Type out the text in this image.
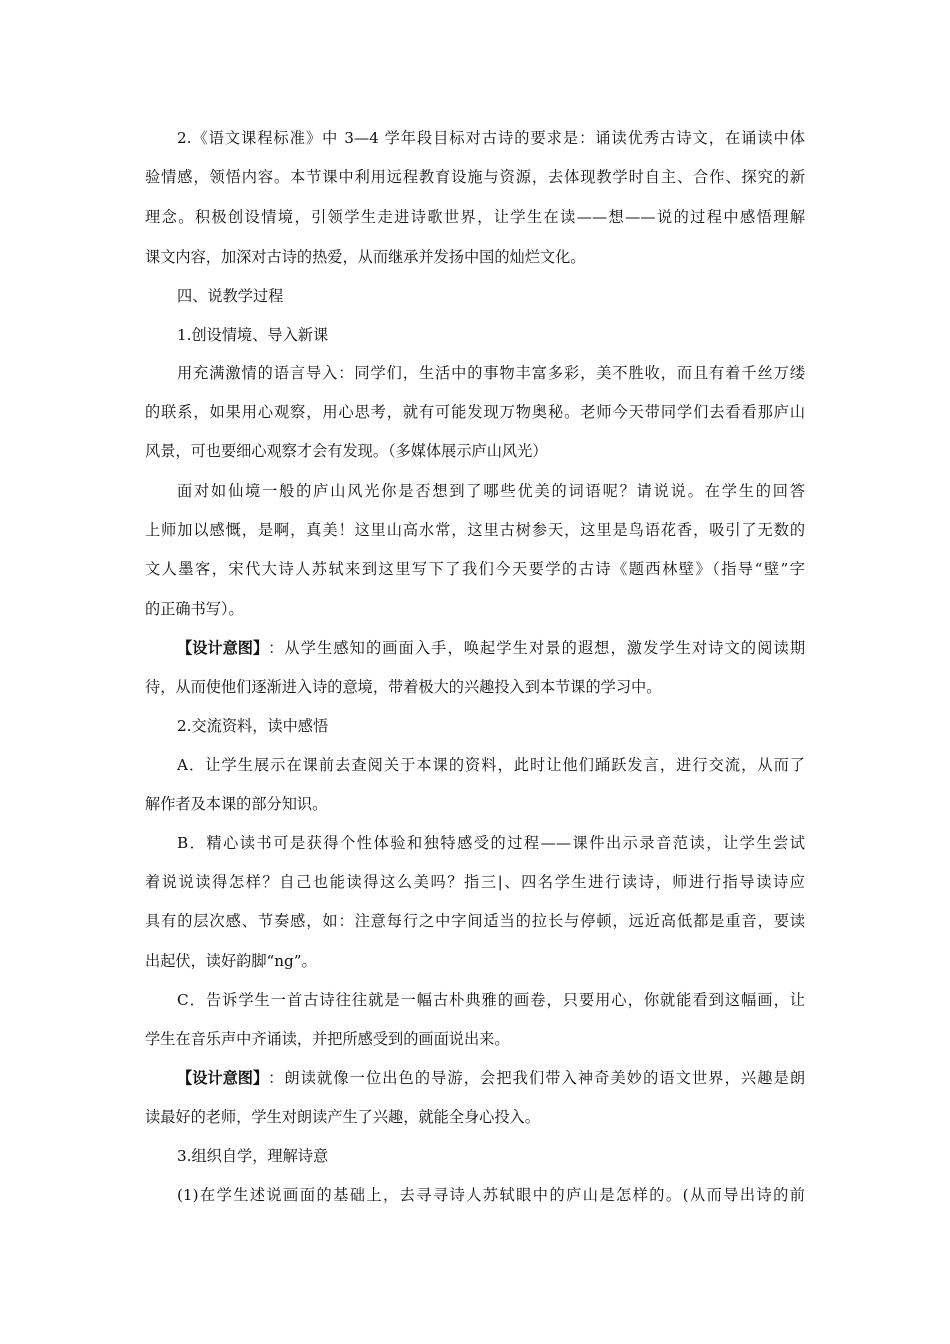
2.《语文课程标准》中 3—4 学年段目标对古诗的要求是：诵读优秀古诗文，在诵读中体
验情感，领悟内容。本节课中利用远程教育设施与资源，去体现教学时自主、合作、探究的新
理念。积极创设情境，引领学生走进诗歌世界，让学生在读——想——说的过程中感悟理解
课文内容，加深对古诗的热爱，从而继承并发扬中国的灿烂文化。
四、说教学过程
1.创设情境、导入新课
用充满激情的语言导入：同学们，生活中的事物丰富多彩，美不胜收，而且有着千丝万缕
的联系，如果用心观察，用心思考，就有可能发现万物奥秘。老师今天带同学们去看看那庐山
风景，可也要细心观察才会有发现。（多媒体展示庐山风光）
面对如仙境一般的庐山风光你是否想到了哪些优美的词语呢？请说说。在学生的回答
上师加以感慨，是啊，真美！这里山高水常，这里古树参天，这里是鸟语花香，吸引了无数的
文人墨客，宋代大诗人苏轼来到这里写下了我们今天要学的古诗《题西林壁》（指导“壁”字
的正确书写）。
【设计意图】 ：从学生感知的画面入手，唤起学生对景的遐想，激发学生对诗文的阅读期
待，从而使他们逐渐进入诗的意境，带着极大的兴趣投入到本节课的学习中。
2.交流资料，读中感悟
A．让学生展示在课前去查阅关于本课的资料，此时让他们踊跃发言，进行交流，从而了
解作者及本课的部分知识。
B．精心读书可是获得个性体验和独特感受的过程——课件出示录音范读，让学生尝试
着说说读得怎样？自己也能读得这么美吗？指三|、四名学生进行读诗，师进行指导读诗应
具有的层次感、节奏感，如：注意每行之中字间适当的拉长与停顿，远近高低都是重音，要读
出起伏，读好韵脚“ng”。
C．告诉学生一首古诗往往就是一幅古朴典雅的画卷，只要用心，你就能看到这幅画，让
学生在音乐声中齐诵读，并把所感受到的画面说出来。
【设计意图】 ：朗读就像一位出色的导游，会把我们带入神奇美妙的语文世界，兴趣是朗
读最好的老师，学生对朗读产生了兴趣，就能全身心投入。
3.组织自学，理解诗意
(1)在学生述说画面的基础上，去寻寻诗人苏轼眼中的庐山是怎样的。(从而导出诗的前
